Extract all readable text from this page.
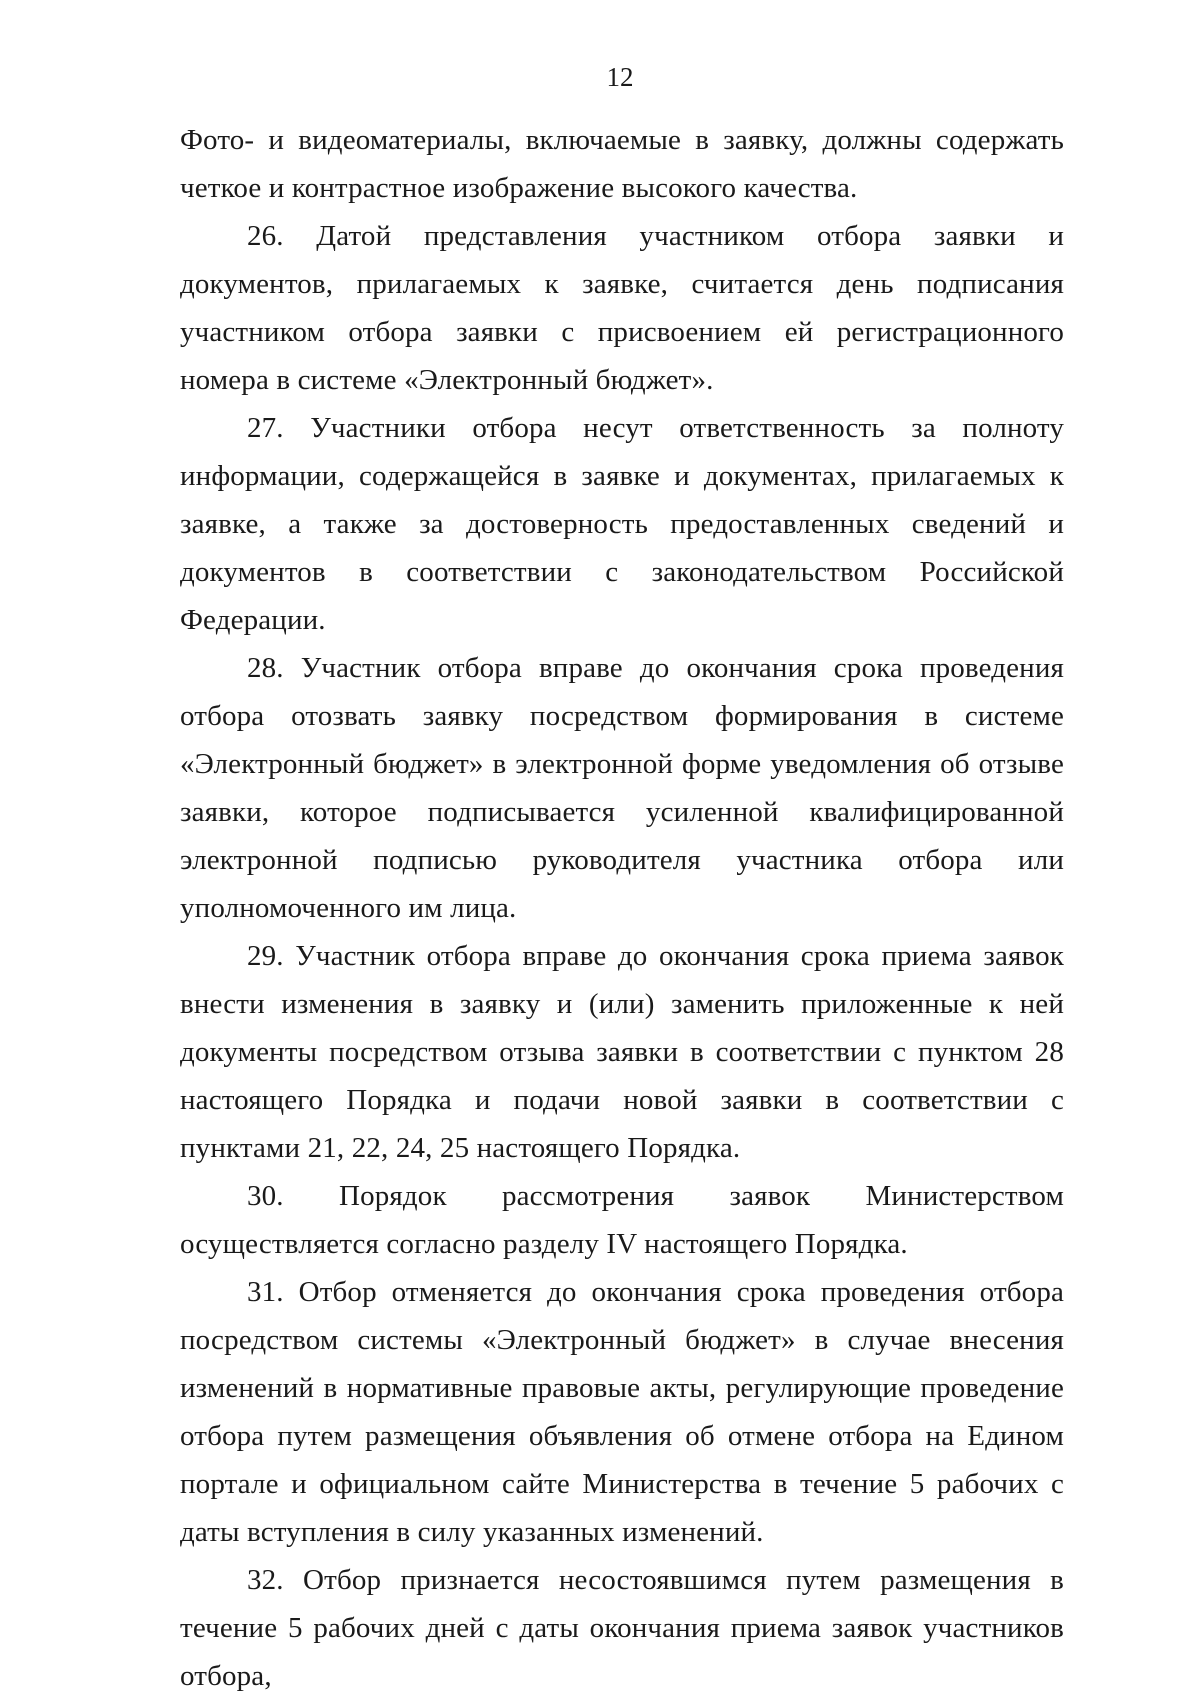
12

Фото- и видеоматериалы, включаемые в заявку, должны содержать четкое и контрастное изображение высокого качества.

26. Датой представления участником отбора заявки и документов, прилагаемых к заявке, считается день подписания участником отбора заявки с присвоением ей регистрационного номера в системе «Электронный бюджет».

27. Участники отбора несут ответственность за полноту информации, содержащейся в заявке и документах, прилагаемых к заявке, а также за достоверность предоставленных сведений и документов в соответствии с законодательством Российской Федерации.

28. Участник отбора вправе до окончания срока проведения отбора отозвать заявку посредством формирования в системе «Электронный бюджет» в электронной форме уведомления об отзыве заявки, которое подписывается усиленной квалифицированной электронной подписью руководителя участника отбора или уполномоченного им лица.

29. Участник отбора вправе до окончания срока приема заявок внести изменения в заявку и (или) заменить приложенные к ней документы посредством отзыва заявки в соответствии с пунктом 28 настоящего Порядка и подачи новой заявки в соответствии с пунктами 21, 22, 24, 25 настоящего Порядка.

30. Порядок рассмотрения заявок Министерством осуществляется согласно разделу IV настоящего Порядка.

31. Отбор отменяется до окончания срока проведения отбора посредством системы «Электронный бюджет» в случае внесения изменений в нормативные правовые акты, регулирующие проведение отбора путем размещения объявления об отмене отбора на Едином портале и официальном сайте Министерства в течение 5 рабочих с даты вступления в силу указанных изменений.

32. Отбор признается несостоявшимся путем размещения в течение 5 рабочих дней с даты окончания приема заявок участников отбора,
